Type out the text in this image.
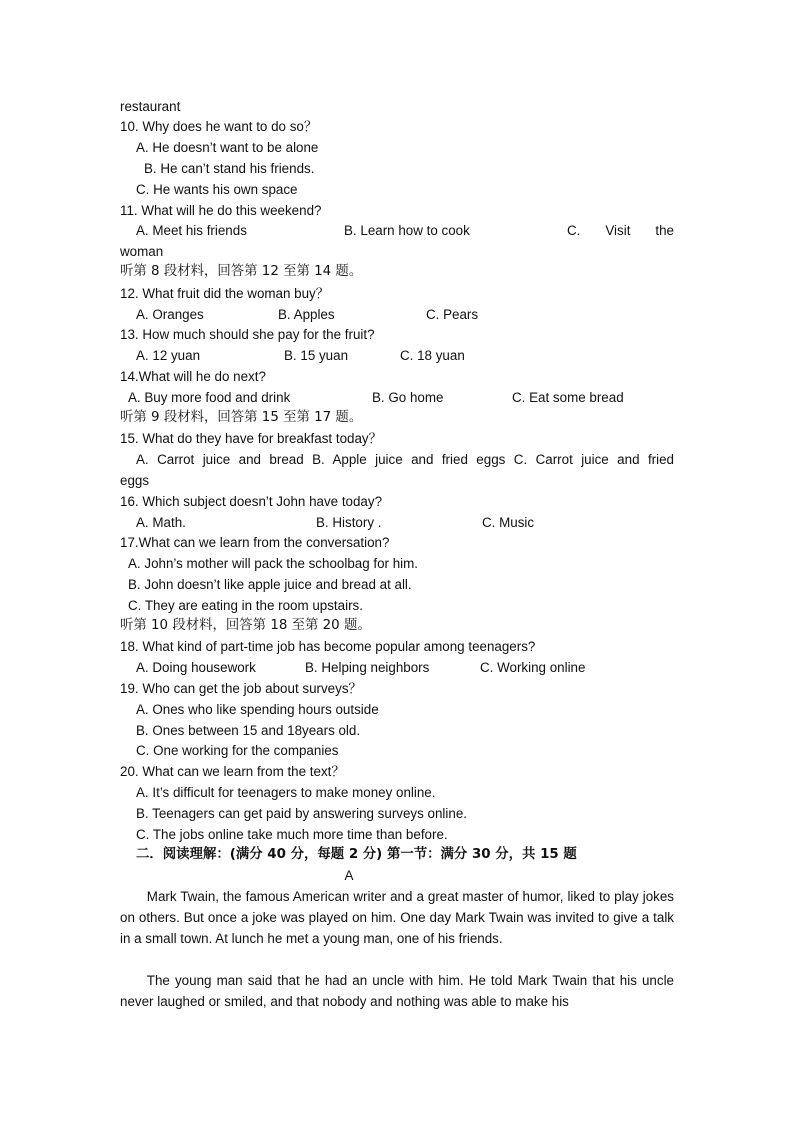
restaurant
10. Why does he want to do so？
A. He doesn’t want to be alone
B. He can’t stand his friends.
C. He wants his own space
11. What will he do this weekend?
A. Meet his friends	B. Learn how to cook	C. Visit the
woman
听第 8 段材料，回答第 12 至第 14 题。
12. What fruit did the woman buy？
A. Oranges	B. Apples	C. Pears
13. How much should she pay for the fruit?
A. 12 yuan	B. 15 yuan	C. 18 yuan
14.What will he do next?
A. Buy more food and drink	B. Go home	C. Eat some bread
听第 9 段材料，回答第 15 至第 17 题。
15. What do they have for breakfast today？
A. Carrot juice and bread B. Apple juice and fried eggs C. Carrot juice and fried
eggs
16. Which subject doesn’t John have today?
A. Math.	B. History .	C. Music
17.What can we learn from the conversation?
A. John’s mother will pack the schoolbag for him.
B. John doesn’t like apple juice and bread at all.
C. They are eating in the room upstairs.
听第 10 段材料，回答第 18 至第 20 题。
18. What kind of part-time job has become popular among teenagers?
A. Doing housework	B. Helping neighbors	C. Working online
19. Who can get the job about surveys？
A. Ones who like spending hours outside
B. Ones between 15 and 18years old.
C. One working for the companies
20. What can we learn from the text？
A. It’s difficult for teenagers to make money online.
B. Teenagers can get paid by answering surveys online.
C. The jobs online take much more time than before.
二．阅读理解：(满分 40 分，每题 2 分) 第一节：满分 30 分，共 15 题
A
Mark Twain, the famous American writer and a great master of humor, liked to play jokes on others. But once a joke was played on him. One day Mark Twain was invited to give a talk in a small town. At lunch he met a young man, one of his friends.
The young man said that he had an uncle with him. He told Mark Twain that his uncle never laughed or smiled, and that nobody and nothing was able to make his
